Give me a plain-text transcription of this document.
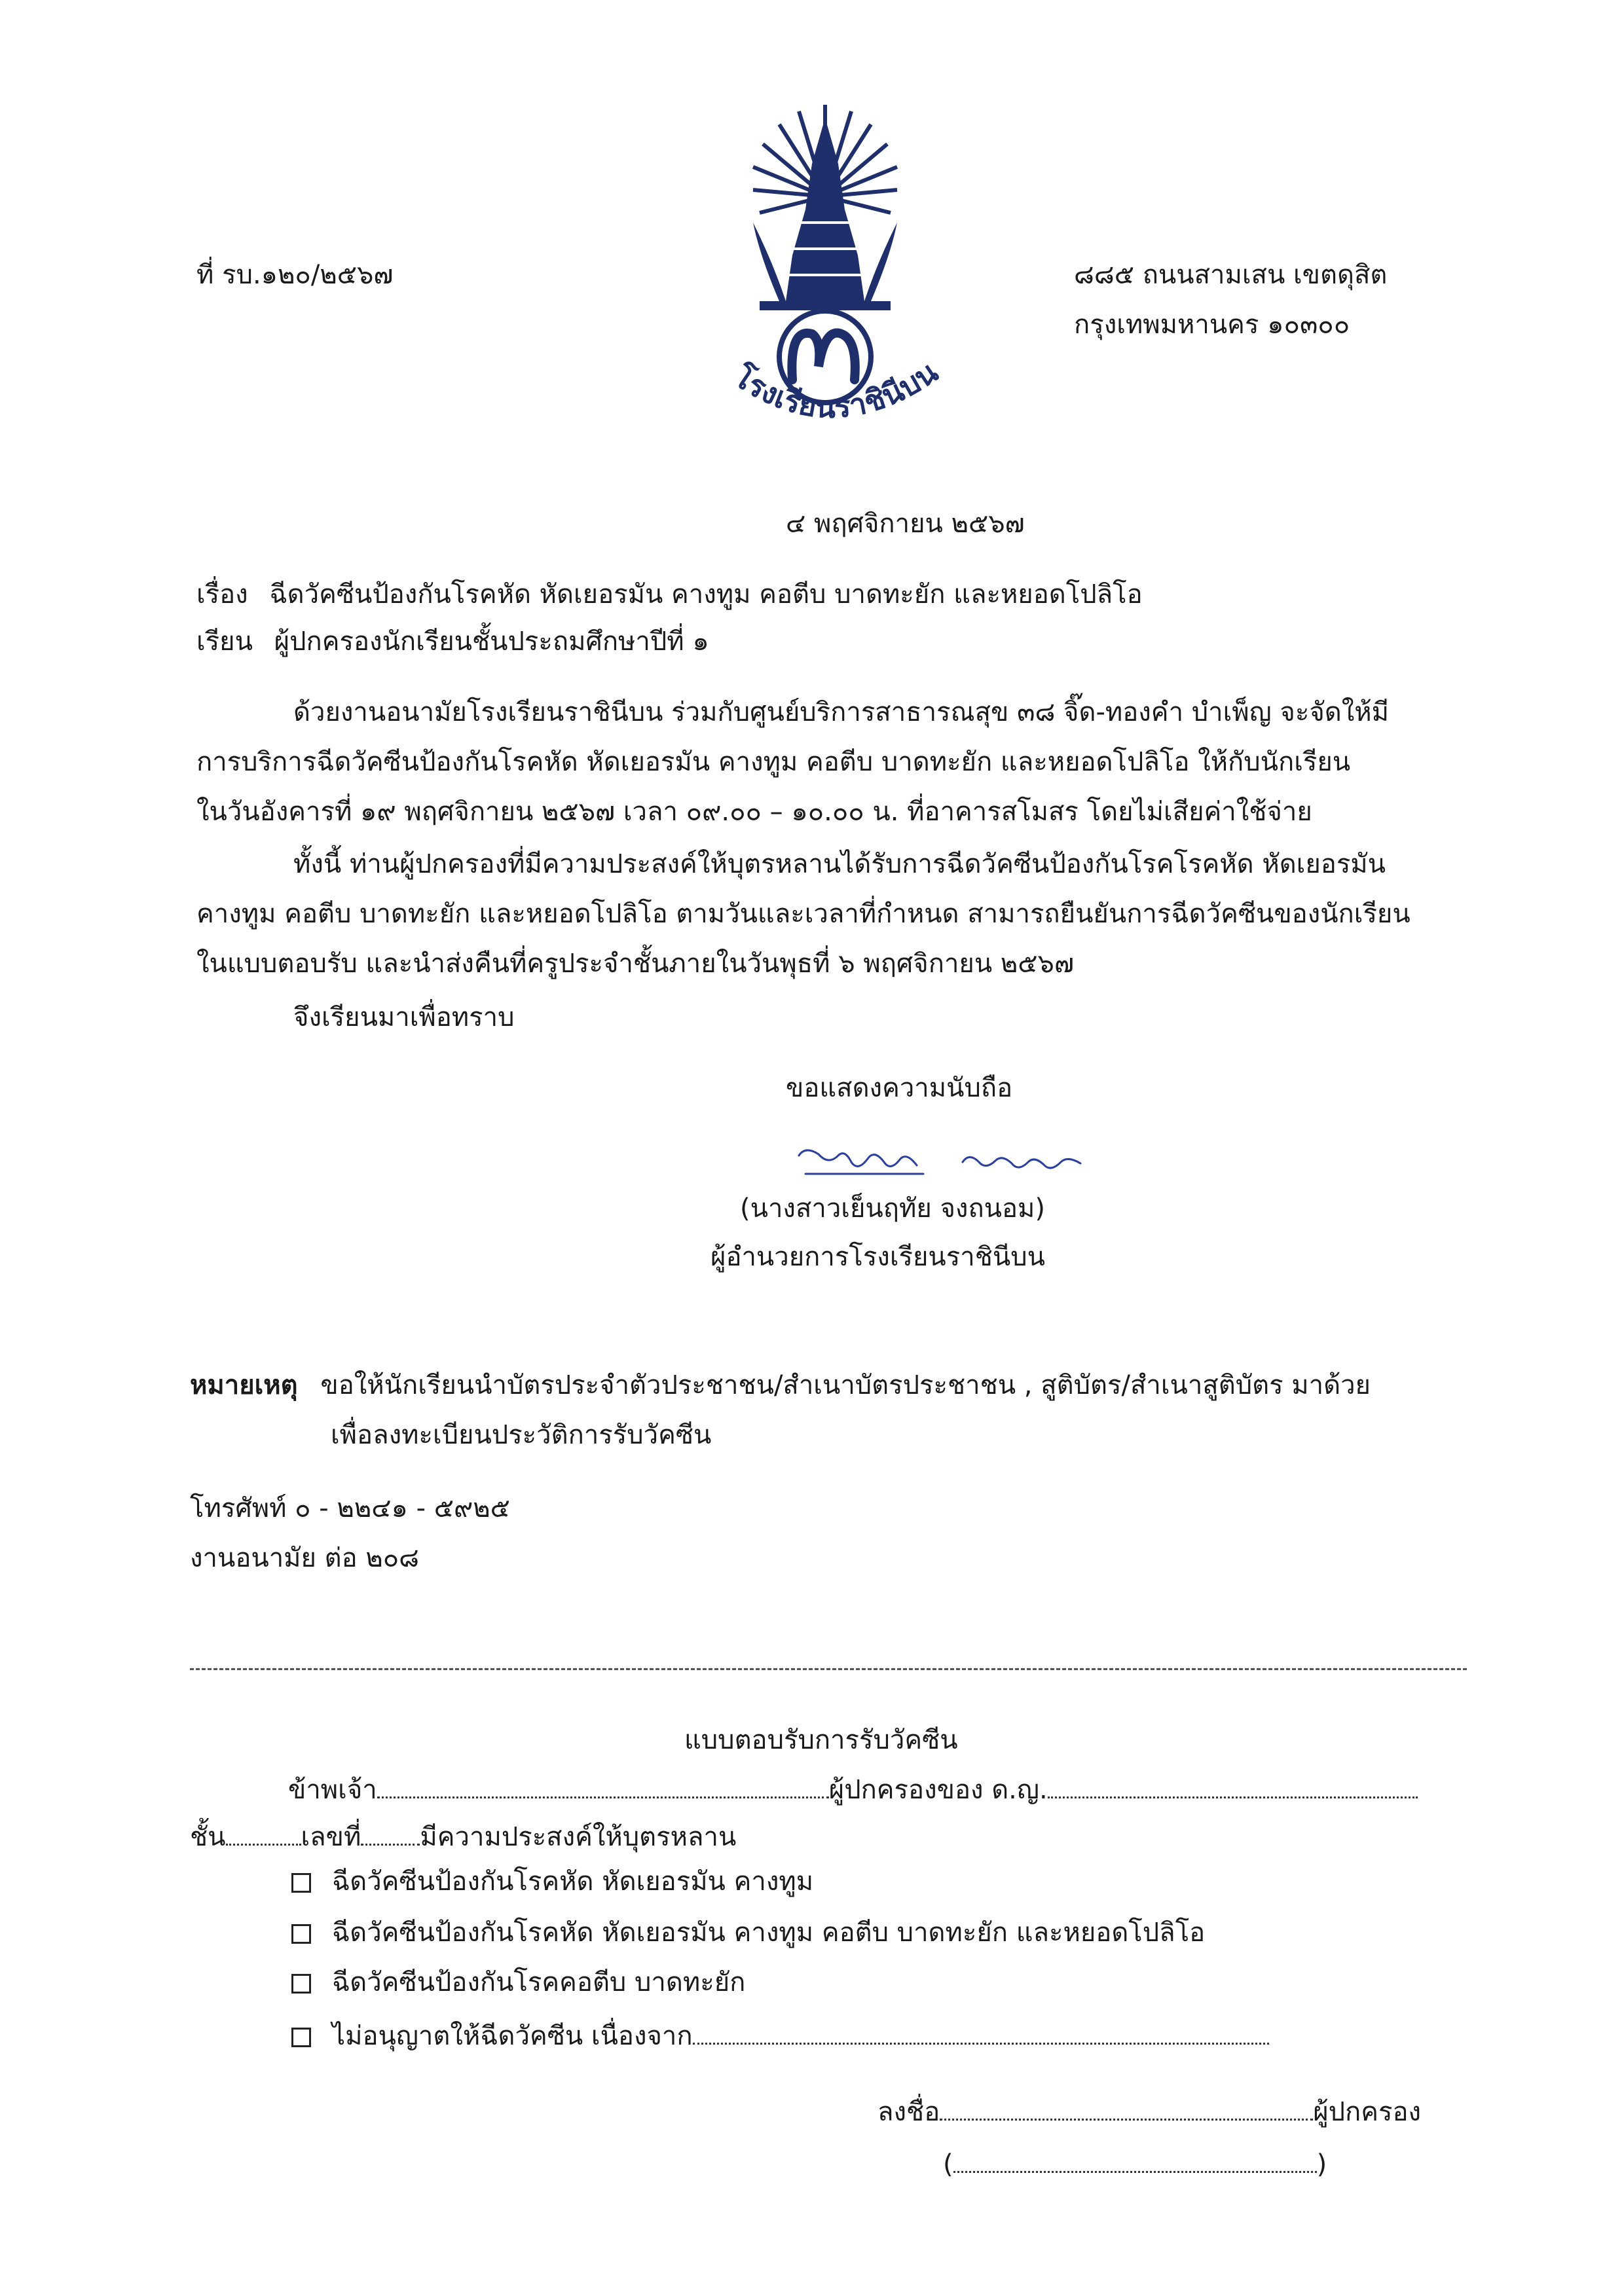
ที่ รบ.๑๒๐/๒๕๖๗	๘๘๕ ถนนสามเสน เขตดุสิต
กรุงเทพมหานคร ๑๐๓๐๐
โรงเรียนราชินีบน
๔ พฤศจิกายน ๒๕๖๗
เรื่อง ฉีดวัคซีนป้องกันโรคหัด หัดเยอรมัน คางทูม คอตีบ บาดทะยัก และหยอดโปลิโอ
เรียน ผู้ปกครองนักเรียนชั้นประถมศึกษาปีที่ ๑
ด้วยงานอนามัยโรงเรียนราชินีบน ร่วมกับศูนย์บริการสาธารณสุข ๓๘ จิ๊ด-ทองคำ บำเพ็ญ จะจัดให้มี
การบริการฉีดวัคซีนป้องกันโรคหัด หัดเยอรมัน คางทูม คอตีบ บาดทะยัก และหยอดโปลิโอ ให้กับนักเรียน
ในวันอังคารที่ ๑๙ พฤศจิกายน ๒๕๖๗ เวลา ๐๙.๐๐ – ๑๐.๐๐ น. ที่อาคารสโมสร โดยไม่เสียค่าใช้จ่าย
ทั้งนี้ ท่านผู้ปกครองที่มีความประสงค์ให้บุตรหลานได้รับการฉีดวัคซีนป้องกันโรคโรคหัด หัดเยอรมัน
คางทูม คอตีบ บาดทะยัก และหยอดโปลิโอ ตามวันและเวลาที่กำหนด สามารถยืนยันการฉีดวัคซีนของนักเรียน
ในแบบตอบรับ และนำส่งคืนที่ครูประจำชั้นภายในวันพุธที่ ๖ พฤศจิกายน ๒๕๖๗
จึงเรียนมาเพื่อทราบ
ขอแสดงความนับถือ
(นางสาวเย็นฤทัย จงถนอม)
ผู้อำนวยการโรงเรียนราชินีบน
หมายเหตุ ขอให้นักเรียนนำบัตรประจำตัวประชาชน/สำเนาบัตรประชาชน , สูติบัตร/สำเนาสูติบัตร มาด้วย
เพื่อลงทะเบียนประวัติการรับวัคซีน
โทรศัพท์ ๐ - ๒๒๔๑ - ๕๙๒๕
งานอนามัย ต่อ ๒๐๘
แบบตอบรับการรับวัคซีน
ข้าพเจ้า	ผู้ปกครองของ ด.ญ.
ชั้น	เลขที่ มีความประสงค์ให้บุตรหลาน
ฉีดวัคซีนป้องกันโรคหัด หัดเยอรมัน คางทูม
ฉีดวัคซีนป้องกันโรคหัด หัดเยอรมัน คางทูม คอตีบ บาดทะยัก และหยอดโปลิโอ
ฉีดวัคซีนป้องกันโรคคอตีบ บาดทะยัก
ไม่อนุญาตให้ฉีดวัคซีน เนื่องจาก
ลงชื่อ	ผู้ปกครอง
(	)
